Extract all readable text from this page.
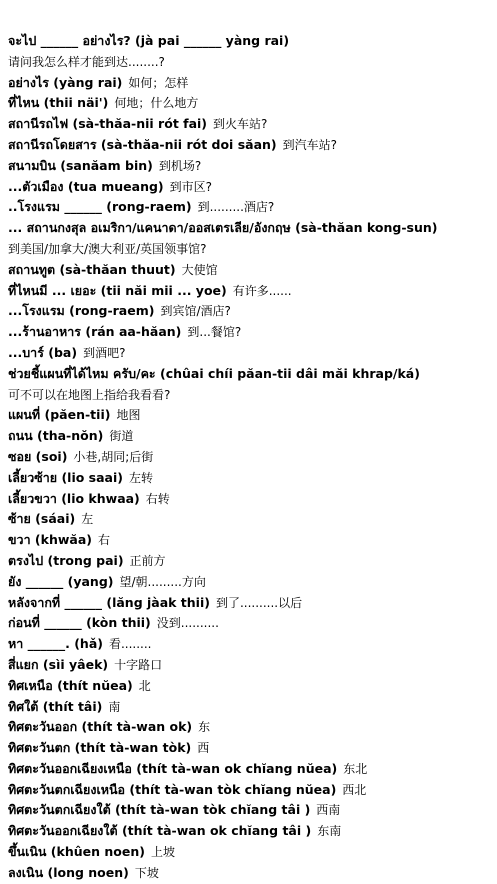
จะไป ______ อย่างไร? (jà pai ______ yàng rai)
请问我怎么样才能到达........?
อย่างไร (yàng rai) 如何；怎样
ที่ไหน (thii näi') 何地；什么地方
สถานีรถไฟ (sà-thăa-nii rót fai) 到火车站?
สถานีรถโดยสาร (sà-thăa-nii rót doi săan) 到汽车站?
สนามบิน (sanăam bin) 到机场?
...ตัวเมือง (tua mueang) 到市区?
..โรงแรม ______ (rong-raem) 到.........酒店?
... สถานกงสุล อเมริกา/แคนาดา/ออสเตรเลีย/อังกฤษ (sà-thăan kong-sun)
到美国/加拿大/澳大利亚/英国领事馆?
สถานทูต (sà-thăan thuut) 大使馆
ที่ไหนมี ... เยอะ (tii năi mii ... yoe) 有许多......
...โรงแรม (rong-raem) 到宾馆/酒店?
...ร้านอาหาร (rán aa-hăan) 到...餐馆?
...บาร์ (ba) 到酒吧?
ช่วยชี้แผนที่ได้ไหม ครับ/คะ (chûai chíi păan-tii dâi măi khrap/ká)
可不可以在地图上指给我看看?
แผนที่ (păen-tii) 地图
ถนน (tha-nŏn) 街道
ซอย (soi) 小巷,胡同;后街
เลี้ยวซ้าย (lio saai) 左转
เลี้ยวขวา (lio khwaa) 右转
ซ้าย (sáai) 左
ขวา (khwăa) 右
ตรงไป (trong pai) 正前方
ยัง ______ (yang) 望/朝.........方向
หลังจากที่ ______ (lăng jàak thii) 到了..........以后
ก่อนที่ ______ (kòn thii) 没到..........
หา ______. (hǎ) 看........
สี่แยก (sìi yâek) 十字路口
ทิศเหนือ (thít nŭea) 北
ทิศใต้ (thít tâi) 南
ทิศตะวันออก (thít tà-wan ok) 东
ทิศตะวันตก (thít tà-wan tòk) 西
ทิศตะวันออกเฉียงเหนือ (thít tà-wan ok chĭang nŭea) 东北
ทิศตะวันตกเฉียงเหนือ (thít tà-wan tòk chĭang nŭea) 西北
ทิศตะวันตกเฉียงใต้ (thít tà-wan tòk chĭang tâi ) 西南
ทิศตะวันออกเฉียงใต้ (thít tà-wan ok chĭang tâi ) 东南
ขึ้นเนิน (khûen noen) 上坡
ลงเนิน (long noen) 下坡
